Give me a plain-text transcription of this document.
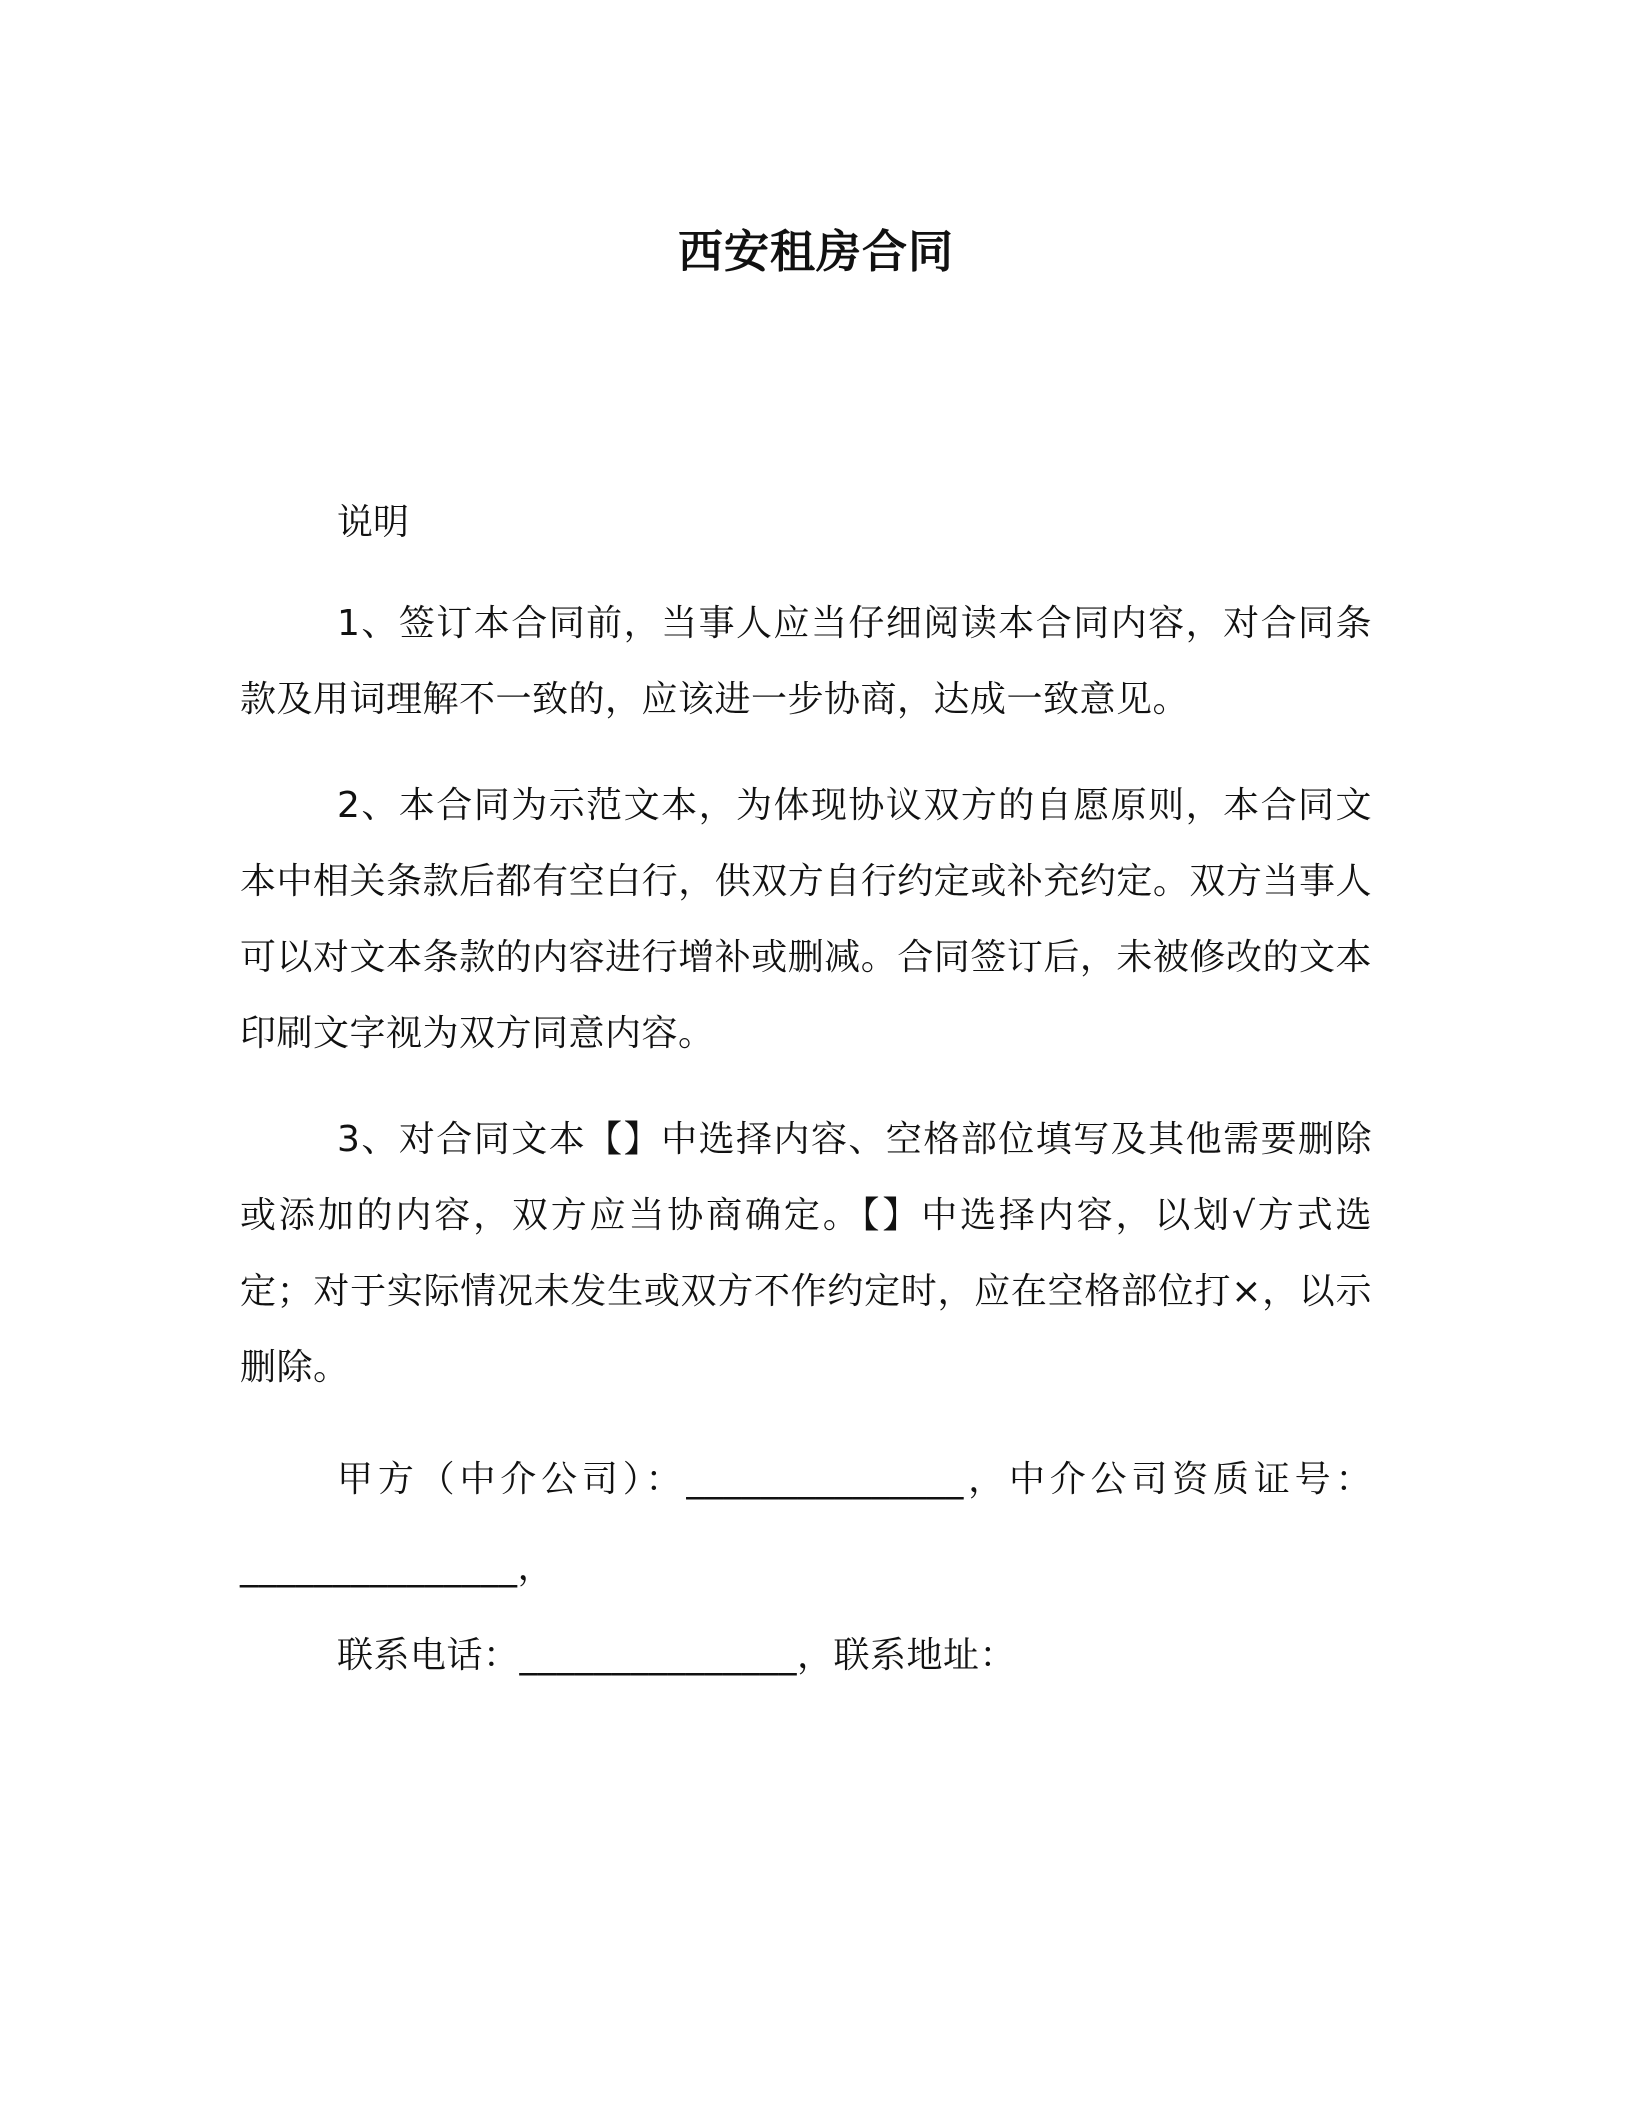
西安租房合同

说明

1、签订本合同前，当事人应当仔细阅读本合同内容，对合同条款及用词理解不一致的，应该进一步协商，达成一致意见。

2、本合同为示范文本，为体现协议双方的自愿原则，本合同文本中相关条款后都有空白行，供双方自行约定或补充约定。双方当事人可以对文本条款的内容进行增补或删减。合同签订后，未被修改的文本印刷文字视为双方同意内容。

3、对合同文本【】中选择内容、空格部位填写及其他需要删除或添加的内容，双方应当协商确定。【】中选择内容，以划√方式选定；对于实际情况未发生或双方不作约定时，应在空格部位打×，以示删除。

甲方（中介公司）：_______________，中介公司资质证号：_______________，

联系电话：_______________，联系地址：
